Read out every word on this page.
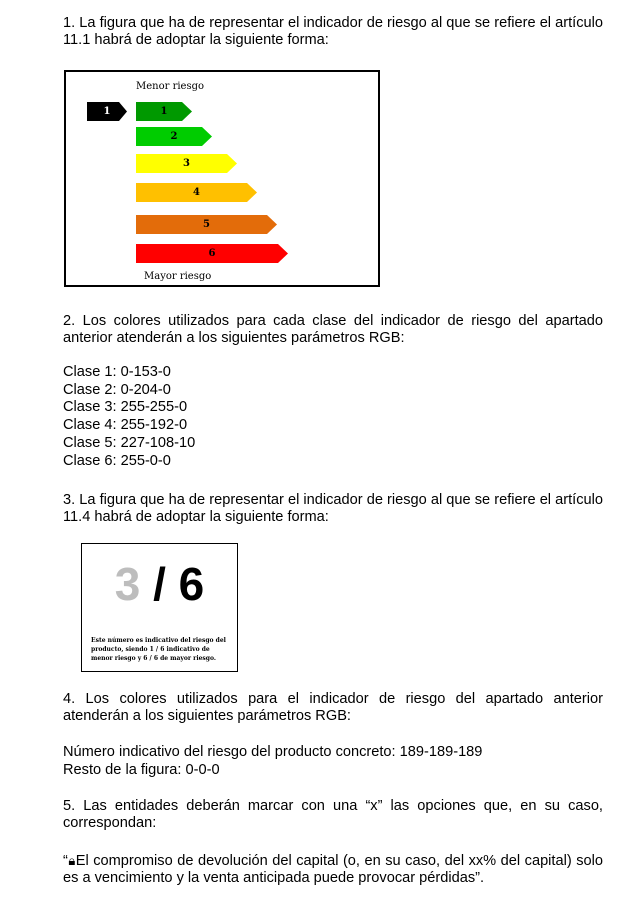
1. La figura que ha de representar el indicador de riesgo al que se refiere el artículo 11.1 habrá de adoptar la siguiente forma:

Menor riesgo
1	1
2
3
4
5
6
Mayor riesgo

2. Los colores utilizados para cada clase del indicador de riesgo del apartado anterior atenderán a los siguientes parámetros RGB:

Clase 1: 0-153-0
Clase 2: 0-204-0
Clase 3: 255-255-0
Clase 4: 255-192-0
Clase 5: 227-108-10
Clase 6: 255-0-0

3. La figura que ha de representar el indicador de riesgo al que se refiere el artículo 11.4 habrá de adoptar la siguiente forma:

3 / 6
Este número es indicativo del riesgo del producto, siendo 1 / 6 indicativo de menor riesgo y 6 / 6 de mayor riesgo.

4. Los colores utilizados para el indicador de riesgo del apartado anterior atenderán a los siguientes parámetros RGB:

Número indicativo del riesgo del producto concreto: 189-189-189
Resto de la figura: 0-0-0

5. Las entidades deberán marcar con una “x” las opciones que, en su caso, correspondan:

“🔒︎El compromiso de devolución del capital (o, en su caso, del xx% del capital) solo es a vencimiento y la venta anticipada puede provocar pérdidas”.
